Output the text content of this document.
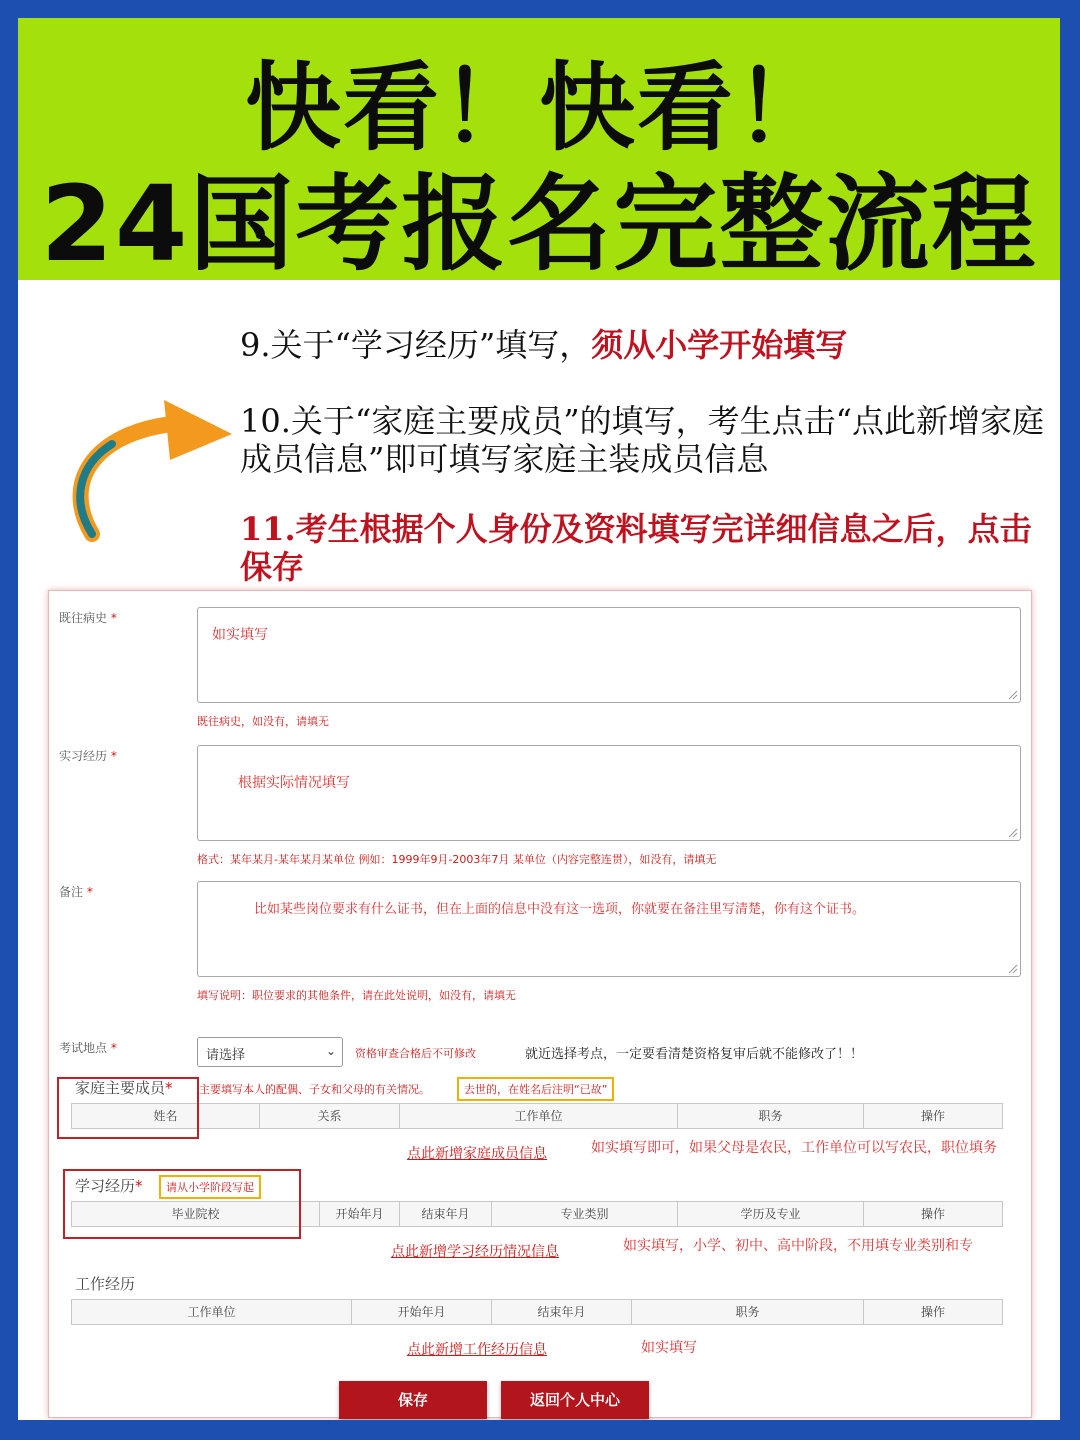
快看！快看！
24国考报名完整流程
9.关于“学习经历”填写，须从小学开始填写
10.关于“家庭主要成员”的填写，考生点击“点此新增家庭成员信息”即可填写家庭主装成员信息
11.考生根据个人身份及资料填写完详细信息之后，点击保存
既往病史 *
如实填写
既往病史，如没有，请填无
实习经历 *
根据实际情况填写
格式：某年某月-某年某月某单位 例如：1999年9月-2003年7月 某单位（内容完整连贯），如没有，请填无
备注 *
比如某些岗位要求有什么证书，但在上面的信息中没有这一选项，你就要在备注里写清楚，你有这个证书。
填写说明：职位要求的其他条件，请在此处说明，如没有，请填无
考试地点 *	请选择	⌄ 资格审查合格后不可修改	就近选择考点，一定要看清楚资格复审后就不能修改了！！
家庭主要成员* 主要填写本人的配偶、子女和父母的有关情况。	去世的，在姓名后注明“已故”
姓名	关系	工作单位	职务	操作
点此新增家庭成员信息	如实填写即可，如果父母是农民，工作单位可以写农民，职位填务
学习经历*	请从小学阶段写起
毕业院校	开始年月	结束年月	专业类别	学历及专业	操作
点此新增学习经历情况信息	如实填写，小学、初中、高中阶段，不用填专业类别和专
工作经历
工作单位	开始年月	结束年月	职务	操作
点此新增工作经历信息	如实填写
保存	返回个人中心
